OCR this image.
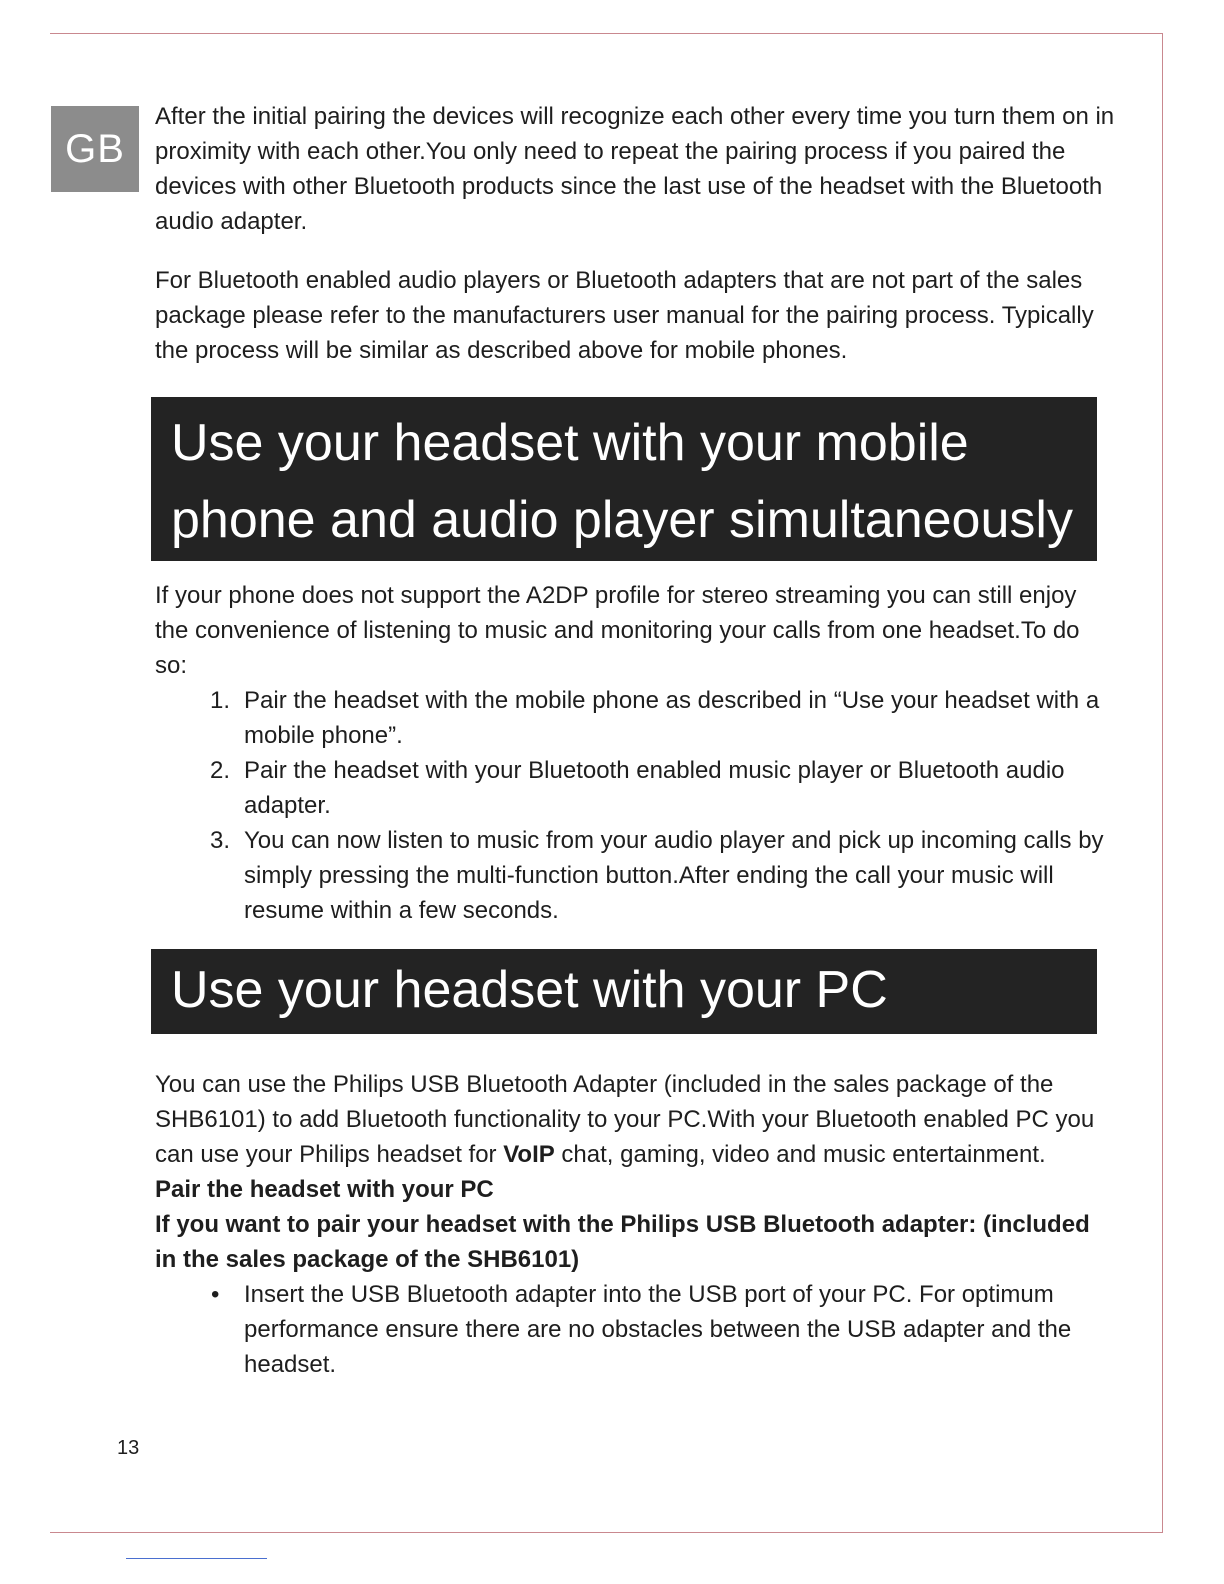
GB

After the initial pairing the devices will recognize each other every time you turn them on in proximity with each other.You only need to repeat the pairing process if you paired the devices with other Bluetooth products since the last use of the headset with the Bluetooth audio adapter.

For Bluetooth enabled audio players or Bluetooth adapters that are not part of the sales package please refer to the manufacturers user manual for the pairing process. Typically the process will be similar as described above for mobile phones.

Use your headset with your mobile
phone and audio player simultaneously

If your phone does not support the A2DP profile for stereo streaming you can still enjoy the convenience of listening to music and monitoring your calls from one headset.To do so:

1. Pair the headset with the mobile phone as described in “Use your headset with a mobile phone”.
2. Pair the headset with your Bluetooth enabled music player or Bluetooth audio adapter.
3. You can now listen to music from your audio player and pick up incoming calls by simply pressing the multi-function button.After ending the call your music will resume within a few seconds.
Use your headset with your PC

You can use the Philips USB Bluetooth Adapter (included in the sales package of the SHB6101) to add Bluetooth functionality to your PC.With your Bluetooth enabled PC you can use your Philips headset for VoIP chat, gaming, video and music entertainment.

Pair the headset with your PC

If you want to pair your headset with the Philips USB Bluetooth adapter: (included in the sales package of the SHB6101)

• Insert the USB Bluetooth adapter into the USB port of your PC. For optimum performance ensure there are no obstacles between the USB adapter and the headset.
13
